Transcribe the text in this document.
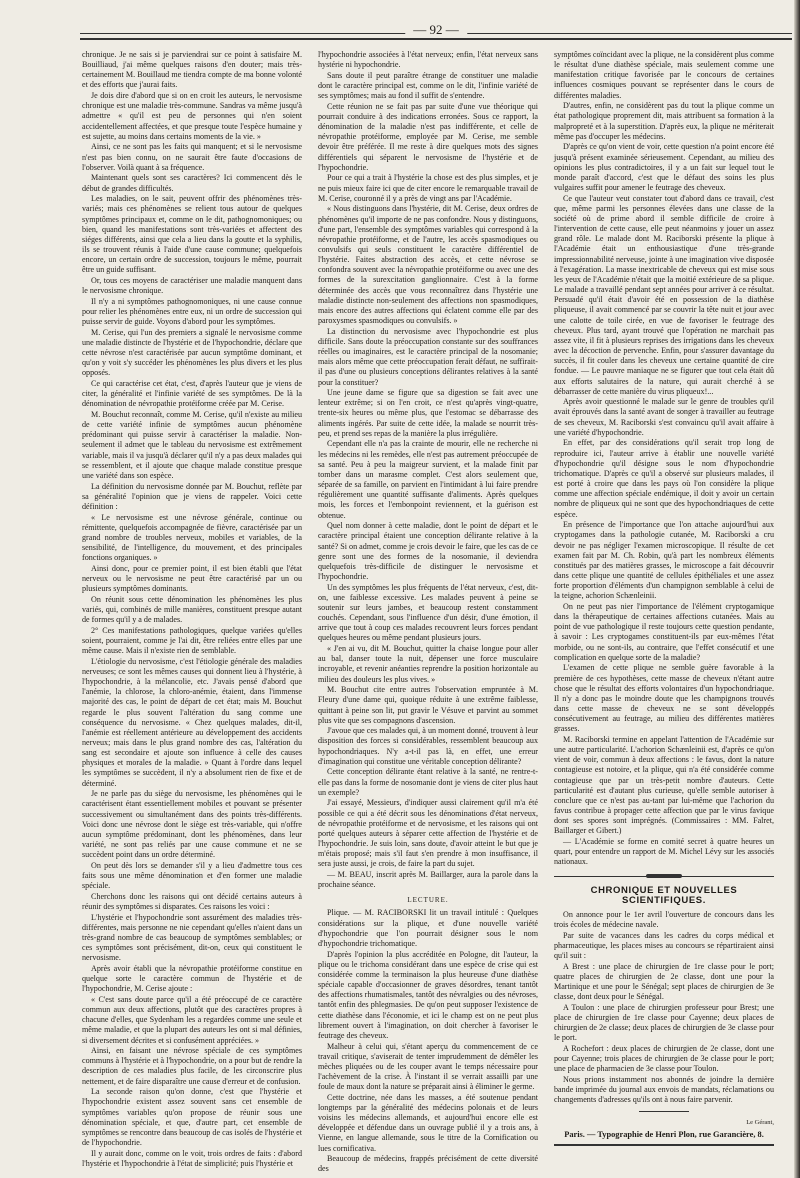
— 92 —

chronique. Je ne sais si je parviendrai sur ce point à satisfaire M. Bouilliaud, j'ai même quelques raisons d'en douter; mais très-certainement M. Bouillaud me tiendra compte de ma bonne volonté et des efforts que j'aurai faits.

Je dois dire d'abord que si on en croit les auteurs, le nervosisme chronique est une maladie très-commune. Sandras va même jusqu'à admettre « qu'il est peu de personnes qui n'en soient accidentellement affectées, et que presque toute l'espèce humaine y est sujette, au moins dans certains moments de la vie. »

Ainsi, ce ne sont pas les faits qui manquent; et si le nervosisme n'est pas bien connu, on ne saurait être faute d'occasions de l'observer. Voilà quant à sa fréquence.

Maintenant quels sont ses caractères? Ici commencent dès le début de grandes difficultés.

Les maladies, on le sait, peuvent offrir des phénomènes très-variés; mais ces phénomènes se relient tous autour de quelques symptômes principaux et, comme on le dit, pathognomoniques; ou bien, quand les manifestations sont très-variées et affectent des siéges différents, ainsi que cela a lieu dans la goutte et la syphilis, ils se trouvent réunis à l'aide d'une cause commune; quelquefois encore, un certain ordre de succession, toujours le même, pourrait être un guide suffisant.

Or, tous ces moyens de caractériser une maladie manquent dans le nervosisme chronique.

Il n'y a ni symptômes pathognomoniques, ni une cause connue pour relier les phénomènes entre eux, ni un ordre de succession qui puisse servir de guide. Voyons d'abord pour les symptômes.

M. Cerise, qui l'un des premiers a signalé le nervosisme comme une maladie distincte de l'hystérie et de l'hypochondrie, déclare que cette névrose n'est caractérisée par aucun symptôme dominant, et qu'on y voit s'y succéder les phénomènes les plus divers et les plus opposés.

Ce qui caractérise cet état, c'est, d'après l'auteur que je viens de citer, la généralité et l'infinie variété de ses symptômes. De là la dénomination de névropathie protéiforme créée par M. Cerise.

M. Bouchut reconnaît, comme M. Cerise, qu'il n'existe au milieu de cette variété infinie de symptômes aucun phénomène prédominant qui puisse servir à caractériser la maladie. Non-seulement il admet que le tableau du nervosisme est extrêmement variable, mais il va jusqu'à déclarer qu'il n'y a pas deux malades qui se ressemblent, et il ajoute que chaque malade constitue presque une variété dans son espèce.

La définition du nervosisme donnée par M. Bouchut, reflète par sa généralité l'opinion que je viens de rappeler. Voici cette définition :

« Le nervosisme est une névrose générale, continue ou rémittente, quelquefois accompagnée de fièvre, caractérisée par un grand nombre de troubles nerveux, mobiles et variables, de la sensibilité, de l'intelligence, du mouvement, et des principales fonctions organiques. »

Ainsi donc, pour ce premier point, il est bien établi que l'état nerveux ou le nervosisme ne peut être caractérisé par un ou plusieurs symptômes dominants.

On réunit sous cette dénomination les phénomènes les plus variés, qui, combinés de mille manières, constituent presque autant de formes qu'il y a de malades.

2° Ces manifestations pathologiques, quelque variées qu'elles soient, pourraient, comme je l'ai dit, être reliées entre elles par une même cause. Mais il n'existe rien de semblable.

L'étiologie du nervosisme, c'est l'étiologie générale des maladies nerveuses; ce sont les mêmes causes qui donnent lieu à l'hystérie, à l'hypochondrie, à la mélancolie, etc. J'avais pensé d'abord que l'anémie, la chlorose, la chloro-anémie, étaient, dans l'immense majorité des cas, le point de départ de cet état; mais M. Bouchut regarde le plus souvent l'altération du sang comme une conséquence du nervosisme. « Chez quelques malades, dit-il, l'anémie est réellement antérieure au développement des accidents nerveux; mais dans le plus grand nombre des cas, l'altération du sang est secondaire et ajoute son influence à celle des causes physiques et morales de la maladie. » Quant à l'ordre dans lequel les symptômes se succèdent, il n'y a absolument rien de fixe et de déterminé.

Je ne parle pas du siège du nervosisme, les phénomènes qui le caractérisent étant essentiellement mobiles et pouvant se présenter successivement ou simultanément dans des points très-différents. Voici donc une névrose dont le siège est très-variable, qui n'offre aucun symptôme prédominant, dont les phénomènes, dans leur variété, ne sont pas reliés par une cause commune et ne se succèdent point dans un ordre déterminé.

On peut dès lors se demander s'il y a lieu d'admettre tous ces faits sous une même dénomination et d'en former une maladie spéciale.

Cherchons donc les raisons qui ont décidé certains auteurs à réunir des symptômes si disparates. Ces raisons les voici :

L'hystérie et l'hypochondrie sont assurément des maladies très-différentes, mais personne ne nie cependant qu'elles n'aient dans un très-grand nombre de cas beaucoup de symptômes semblables; or ces symptômes sont précisément, dit-on, ceux qui constituent le nervosisme.

Après avoir établi que la névropathie protéiforme constitue en quelque sorte le caractère commun de l'hystérie et de l'hypochondrie, M. Cerise ajoute :

« C'est sans doute parce qu'il a été préoccupé de ce caractère commun aux deux affections, plutôt que des caractères propres à chacune d'elles, que Sydenham les a regardées comme une seule et même maladie, et que la plupart des auteurs les ont si mal définies, si diversement décrites et si confusément appréciées. »

Ainsi, en faisant une névrose spéciale de ces symptômes communs à l'hystérie et à l'hypochondrie, on a pour but de rendre la description de ces maladies plus facile, de les circonscrire plus nettement, et de faire disparaître une cause d'erreur et de confusion.

La seconde raison qu'on donne, c'est que l'hystérie et l'hypochondrie existent assez souvent sans cet ensemble de symptômes variables qu'on propose de réunir sous une dénomination spéciale, et que, d'autre part, cet ensemble de symptômes se rencontre dans beaucoup de cas isolés de l'hystérie et de l'hypochondrie.

Il y aurait donc, comme on le voit, trois ordres de faits : d'abord l'hystérie et l'hypochondrie à l'état de simplicité; puis l'hystérie et

l'hypochondrie associées à l'état nerveux; enfin, l'état nerveux sans hystérie ni hypochondrie.

Sans doute il peut paraître étrange de constituer une maladie dont le caractère principal est, comme on le dit, l'infinie variété de ses symptômes; mais au fond il suffit de s'entendre.

Cette réunion ne se fait pas par suite d'une vue théorique qui pourrait conduire à des indications erronées. Sous ce rapport, la dénomination de la maladie n'est pas indifférente, et celle de névropathie protéiforme, employée par M. Cerise, me semble devoir être préférée. Il me reste à dire quelques mots des signes différentiels qui séparent le nervosisme de l'hystérie et de l'hypochondrie.

Pour ce qui a trait à l'hystérie la chose est des plus simples, et je ne puis mieux faire ici que de citer encore le remarquable travail de M. Cerise, couronné il y a près de vingt ans par l'Académie.

« Nous distinguons dans l'hystérie, dit M. Cerise, deux ordres de phénomènes qu'il importe de ne pas confondre. Nous y distinguons, d'une part, l'ensemble des symptômes variables qui correspond à la névropathie protéiforme, et de l'autre, les accès spasmodiques ou convulsifs qui seuls constituent le caractère différentiel de l'hystérie. Faites abstraction des accès, et cette névrose se confondra souvent avec la névropathie protéiforme ou avec une des formes de la surexcitation ganglionnaire. C'est à la forme déterminée des accès que vous reconnaîtrez dans l'hystérie une maladie distincte non-seulement des affections non spasmodiques, mais encore des autres affections qui éclatent comme elle par des paroxysmes spasmodiques ou convulsifs. »

La distinction du nervosisme avec l'hypochondrie est plus difficile. Sans doute la préoccupation constante sur des souffrances réelles ou imaginaires, est le caractère principal de la nosomanie; mais alors même que cette préoccupation ferait défaut, ne suffirait-il pas d'une ou plusieurs conceptions délirantes relatives à la santé pour la constituer?

Une jeune dame se figure que sa digestion se fait avec une lenteur extrême; si on l'en croit, ce n'est qu'après vingt-quatre, trente-six heures ou même plus, que l'estomac se débarrasse des aliments ingérés. Par suite de cette idée, la malade se nourrit très-peu, et prend ses repas de la manière la plus irrégulière.

Cependant elle n'a pas la crainte de mourir, elle ne recherche ni les médecins ni les remèdes, elle n'est pas autrement préoccupée de sa santé. Peu à peu la maigreur survient, et la malade finit par tomber dans un marasme complet. C'est alors seulement que, séparée de sa famille, on parvient en l'intimidant à lui faire prendre régulièrement une quantité suffisante d'aliments. Après quelques mois, les forces et l'embonpoint reviennent, et la guérison est obtenue.

Quel nom donner à cette maladie, dont le point de départ et le caractère principal étaient une conception délirante relative à la santé? Si on admet, comme je crois devoir le faire, que les cas de ce genre sont une des formes de la nosomanie, il deviendra quelquefois très-difficile de distinguer le nervosisme et l'hypochondrie.

Un des symptômes les plus fréquents de l'état nerveux, c'est, dit-on, une faiblesse excessive. Les malades peuvent à peine se soutenir sur leurs jambes, et beaucoup restent constamment couchés. Cependant, sous l'influence d'un désir, d'une émotion, il arrive que tout à coup ces malades recouvrent leurs forces pendant quelques heures ou même pendant plusieurs jours.

« J'en ai vu, dit M. Bouchut, quitter la chaise longue pour aller au bal, danser toute la nuit, dépenser une force musculaire incroyable, et revenir anéanties reprendre la position horizontale au milieu des douleurs les plus vives. »

M. Bouchut cite entre autres l'observation empruntée à M. Fleury d'une dame qui, quoique réduite à une extrême faiblesse, quittant à peine son lit, put gravir le Vésuve et parvint au sommet plus vite que ses compagnons d'ascension.

J'avoue que ces malades qui, à un moment donné, trouvent à leur disposition des forces si considérables, ressemblent beaucoup aux hypochondriaques. N'y a-t-il pas là, en effet, une erreur d'imagination qui constitue une véritable conception délirante?

Cette conception délirante étant relative à la santé, ne rentre-t-elle pas dans la forme de nosomanie dont je viens de citer plus haut un exemple?

J'ai essayé, Messieurs, d'indiquer aussi clairement qu'il m'a été possible ce qui a été décrit sous les dénominations d'état nerveux, de névropathie protéiforme et de nervosisme, et les raisons qui ont porté quelques auteurs à séparer cette affection de l'hystérie et de l'hypochondrie. Je suis loin, sans doute, d'avoir atteint le but que je m'étais proposé; mais s'il faut s'en prendre à mon insuffisance, il sera juste aussi, je crois, de faire la part du sujet.

— M. BEAU, inscrit après M. Baillarger, aura la parole dans la prochaine séance.

LECTURE.

Plique. — M. RACIBORSKI lit un travail intitulé : Quelques considérations sur la plique, et d'une nouvelle variété d'hypochondrie que l'on pourrait désigner sous le nom d'hypochondrie trichomatique.

D'après l'opinion la plus accréditée en Pologne, dit l'auteur, la plique ou le trichoma considérant dans une espèce de crise qui est considérée comme la terminaison la plus heureuse d'une diathèse spéciale capable d'occasionner de graves désordres, tenant tantôt des affections rhumatismales, tantôt des névralgies ou des névroses, tantôt enfin des phlegmasies. De qu'on peut supposer l'existence de cette diathèse dans l'économie, et ici le champ est on ne peut plus librement ouvert à l'imagination, on doit chercher à favoriser le feutrage des cheveux.

Malheur à celui qui, s'étant aperçu du commencement de ce travail critique, s'aviserait de tenter imprudemment de démêler les mèches pliquées ou de les couper avant le temps nécessaire pour l'achèvement de la crise. À l'instant il se verrait assailli par une foule de maux dont la nature se préparait ainsi à éliminer le germe.

Cette doctrine, née dans les masses, a été soutenue pendant longtemps par la généralité des médecins polonais et de leurs voisins les médecins allemands, et aujourd'hui encore elle est développée et défendue dans un ouvrage publié il y a trois ans, à Vienne, en langue allemande, sous le titre de la Cornification ou lues cornificativa.

Beaucoup de médecins, frappés précisément de cette diversité des

symptômes coïncidant avec la plique, ne la considèrent plus comme le résultat d'une diathèse spéciale, mais seulement comme une manifestation critique favorisée par le concours de certaines influences cosmiques pouvant se représenter dans le cours de différentes maladies.

D'autres, enfin, ne considèrent pas du tout la plique comme un état pathologique proprement dit, mais attribuent sa formation à la malpropreté et à la superstition. D'après eux, la plique ne mériterait même pas d'occuper les médecins.

D'après ce qu'on vient de voir, cette question n'a point encore été jusqu'à présent examinée sérieusement. Cependant, au milieu des opinions les plus contradictoires, il y a un fait sur lequel tout le monde paraît d'accord, c'est que le défaut des soins les plus vulgaires suffit pour amener le feutrage des cheveux.

Ce que l'auteur veut constater tout d'abord dans ce travail, c'est que, même parmi les personnes élevées dans une classe de la société où de prime abord il semble difficile de croire à l'intervention de cette cause, elle peut néanmoins y jouer un assez grand rôle. Le malade dont M. Raciborski présente la plique à l'Académie était un enthousiastique d'une très-grande impressionnabilité nerveuse, jointe à une imagination vive disposée à l'exagération. La masse inextricable de cheveux qui est mise sous les yeux de l'Académie n'était que la moitié extérieure de sa plique. Le malade a travaillé pendant sept années pour arriver à ce résultat. Persuadé qu'il était d'avoir été en possession de la diathèse pliqueuse, il avait commencé par se couvrir la tête nuit et jour avec une calotte de toile cirée, en vue de favoriser le feutrage des cheveux. Plus tard, ayant trouvé que l'opération ne marchait pas assez vite, il fit à plusieurs reprises des irrigations dans les cheveux avec la décoction de pervenche. Enfin, pour s'assurer davantage du succès, il fit couler dans les cheveux une certaine quantité de cire fondue. — Le pauvre maniaque ne se figurer que tout cela était dû aux efforts salutaires de la nature, qui aurait cherché à se débarrasser de cette manière du virus pliqueux!...

Après avoir questionné le malade sur le genre de troubles qu'il avait éprouvés dans la santé avant de songer à travailler au feutrage de ses cheveux, M. Raciborski s'est convaincu qu'il avait affaire à une variété d'hypochondrie.

En effet, par des considérations qu'il serait trop long de reproduire ici, l'auteur arrive à établir une nouvelle variété d'hypochondrie qu'il désigne sous le nom d'hypochondrie trichomatique. D'après ce qu'il a observé sur plusieurs malades, il est porté à croire que dans les pays où l'on considère la plique comme une affection spéciale endémique, il doit y avoir un certain nombre de pliqueux qui ne sont que des hypochondriaques de cette espèce.

En présence de l'importance que l'on attache aujourd'hui aux cryptogames dans la pathologie cutanée, M. Raciborski a cru devoir ne pas négliger l'examen microscopique. Il résulte de cet examen fait par M. Ch. Robin, qu'à part les nombreux éléments constitués par des matières grasses, le microscope a fait découvrir dans cette plique une quantité de cellules épithéliales et une assez forte proportion d'éléments d'un champignon semblable à celui de la teigne, achorion Schænleinii.

On ne peut pas nier l'importance de l'élément cryptogamique dans la thérapeutique de certaines affections cutanées. Mais au point de vue pathologique il reste toujours cette question pendante, à savoir : Les cryptogames constituent-ils par eux-mêmes l'état morbide, ou ne sont-ils, au contraire, que l'effet consécutif et une complication en quelque sorte de la maladie?

L'examen de cette plique ne semble guère favorable à la première de ces hypothèses, cette masse de cheveux n'étant autre chose que le résultat des efforts volontaires d'un hypochondriaque. Il n'y a donc pas le moindre doute que les champignons trouvés dans cette masse de cheveux ne se sont développés consécutivement au feutrage, au milieu des différentes matières grasses.

M. Raciborski termine en appelant l'attention de l'Académie sur une autre particularité. L'achorion Schænleinii est, d'après ce qu'on vient de voir, commun à deux affections : le favus, dont la nature contagieuse est notoire, et la plique, qui n'a été considérée comme contagieuse que par un très-petit nombre d'auteurs. Cette particularité est d'autant plus curieuse, qu'elle semble autoriser à conclure que ce n'est pas au-tant par lui-même que l'achorion du favus contribue à propager cette affection que par le virus favique dont ses spores sont imprégnés. (Commissaires : MM. Falret, Baillarger et Gibert.)

— L'Académie se forme en comité secret à quatre heures un quart, pour entendre un rapport de M. Michel Lévy sur les associés nationaux.

CHRONIQUE ET NOUVELLES SCIENTIFIQUES.

On annonce pour le 1er avril l'ouverture de concours dans les trois écoles de médecine navale.

Par suite de vacances dans les cadres du corps médical et pharmaceutique, les places mises au concours se répartiraient ainsi qu'il suit :

A Brest : une place de chirurgien de 1re classe pour le port; quatre places de chirurgien de 2e classe, dont une pour la Martinique et une pour le Sénégal; sept places de chirurgien de 3e classe, dont deux pour le Sénégal.

A Toulon : une place de chirurgien professeur pour Brest; une place de chirurgien de 1re classe pour Cayenne; deux places de chirurgien de 2e classe; deux places de chirurgien de 3e classe pour le port.

A Rochefort : deux places de chirurgien de 2e classe, dont une pour Cayenne; trois places de chirurgien de 3e classe pour le port; une place de pharmacien de 3e classe pour Toulon.

Nous prions instamment nos abonnés de joindre la dernière bande imprimée du journal aux envois de mandats, réclamations ou changements d'adresses qu'ils ont à nous faire parvenir.

Le Gérant,
Paris. — Typographie de Henri Plon, rue Garancière, 8.
